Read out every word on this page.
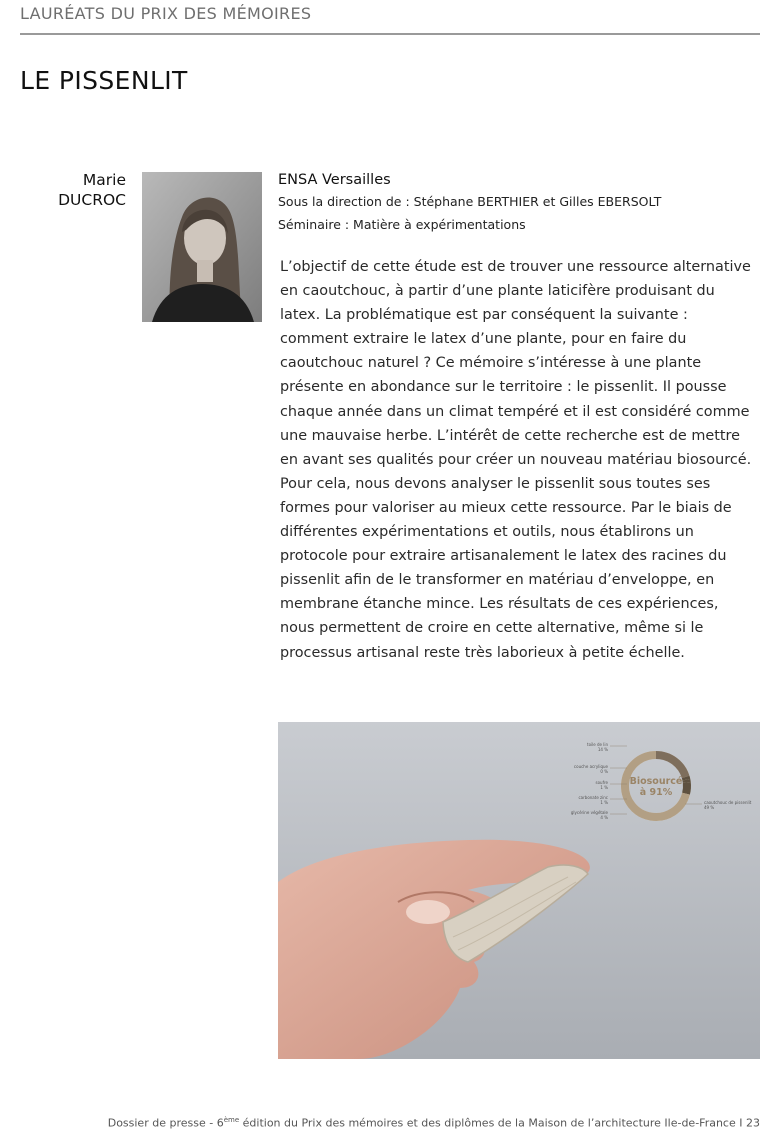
LAURÉATS DU PRIX DES MÉMOIRES
LE PISSENLIT
Marie
DUCROC
ENSA Versailles
Sous la direction de : Stéphane BERTHIER et Gilles EBERSOLT
Séminaire : Matière à expérimentations

L’objectif de cette étude est de trouver une ressource alternative en caoutchouc, à partir d’une plante laticifère produisant du latex. La problématique est par conséquent la suivante : comment extraire le latex d’une plante, pour en faire du caoutchouc naturel ? Ce mémoire s’intéresse à une plante présente en abondance sur le territoire : le pissenlit. Il pousse chaque année dans un climat tempéré et il est considéré comme une mauvaise herbe. L’intérêt de cette recherche est de mettre en avant ses qualités pour créer un nouveau matériau biosourcé. Pour cela, nous devons analyser le pissenlit sous toutes ses formes pour valoriser au mieux cette ressource. Par le biais de différentes expérimentations et outils, nous établirons un protocole pour extraire artisanalement le latex des racines du pissenlit afin de le transformer en matériau d’enveloppe, en membrane étanche mince. Les résultats de ces expériences, nous permettent de croire en cette alternative, même si le processus artisanal reste très laborieux à petite échelle.

Biosourcé
à 91%
toile de lin
14 %
couche acrylique
0 %
soufre
1 %
carbonate zinc
1 %
glycérine végétale
4 %
caoutchouc de pissenlit
49 %
Dossier de presse - 6ème édition du Prix des mémoires et des diplômes de la Maison de l’architecture Ile-de-France I 23
